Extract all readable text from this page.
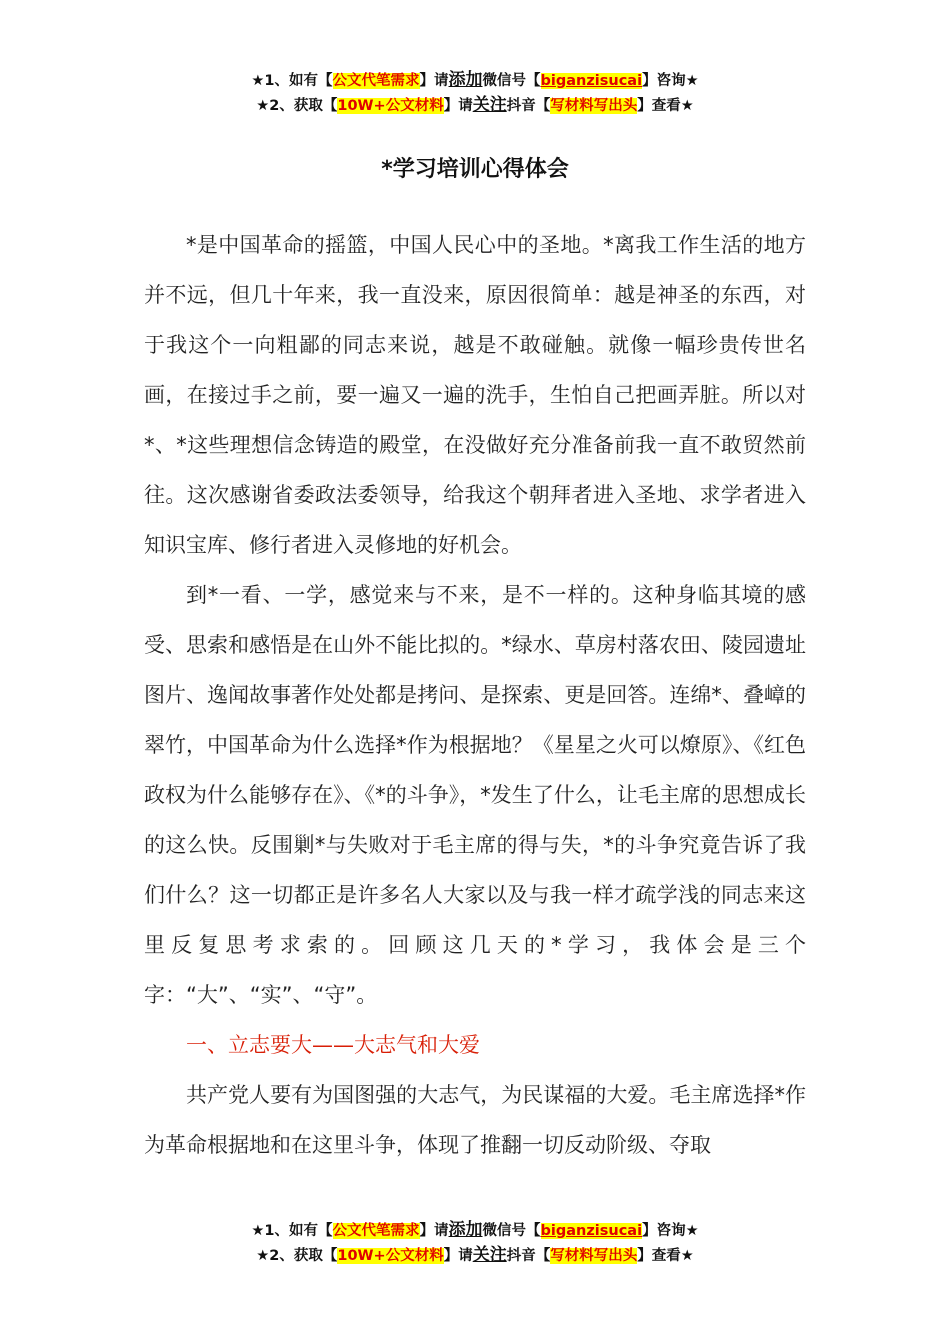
★1、如有【公文代笔需求】请添加微信号【biganzisucai】咨询★
★2、获取【10W+公文材料】请关注抖音【写材料写出头】查看★
*学习培训心得体会

*是中国革命的摇篮，中国人民心中的圣地。*离我工作生活的地方并不远，但几十年来，我一直没来，原因很简单：越是神圣的东西，对于我这个一向粗鄙的同志来说，越是不敢碰触。就像一幅珍贵传世名画，在接过手之前，要一遍又一遍的洗手，生怕自己把画弄脏。所以对*、*这些理想信念铸造的殿堂，在没做好充分准备前我一直不敢贸然前往。这次感谢省委政法委领导，给我这个朝拜者进入圣地、求学者进入知识宝库、修行者进入灵修地的好机会。

到*一看、一学，感觉来与不来，是不一样的。这种身临其境的感受、思索和感悟是在山外不能比拟的。*绿水、草房村落农田、陵园遗址图片、逸闻故事著作处处都是拷问、是探索、更是回答。连绵*、叠嶂的翠竹，中国革命为什么选择*作为根据地？《星星之火可以燎原》、《红色政权为什么能够存在》、《*的斗争》，*发生了什么，让毛主席的思想成长的这么快。反围剿*与失败对于毛主席的得与失，*的斗争究竟告诉了我们什么？这一切都正是许多名人大家以及与我一样才疏学浅的同志来这里反复思考求索的。回顾这几天的*学习，我体会是三个字：“大”、“实”、“守”。

一、立志要大——大志气和大爱

共产党人要有为国图强的大志气，为民谋福的大爱。毛主席选择*作为革命根据地和在这里斗争，体现了推翻一切反动阶级、夺取

★1、如有【公文代笔需求】请添加微信号【biganzisucai】咨询★
★2、获取【10W+公文材料】请关注抖音【写材料写出头】查看★
